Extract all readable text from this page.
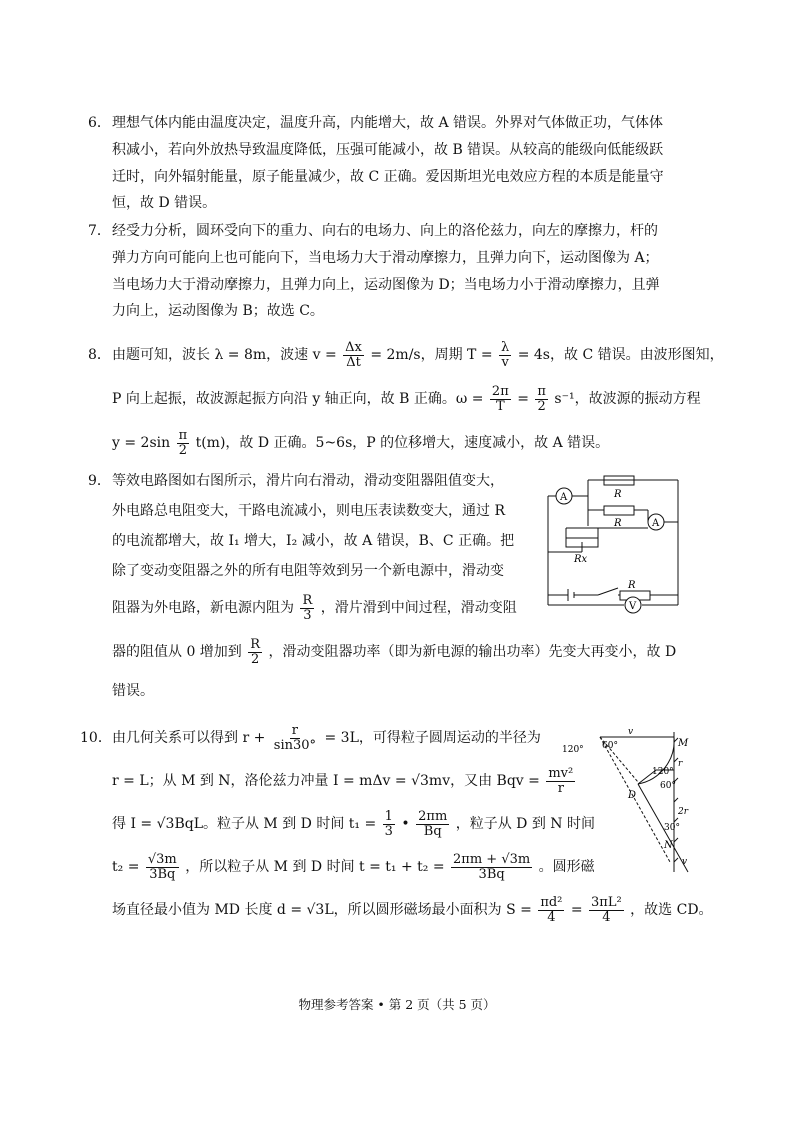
6． 理想气体内能由温度决定，温度升高，内能增大，故 A 错误。外界对气体做正功，气体体
积减小，若向外放热导致温度降低，压强可能减小，故 B 错误。从较高的能级向低能级跃
迁时，向外辐射能量，原子能量减少，故 C 正确。爱因斯坦光电效应方程的本质是能量守
恒，故 D 错误。
7． 经受力分析，圆环受向下的重力、向右的电场力、向上的洛伦兹力，向左的摩擦力，杆的
弹力方向可能向上也可能向下，当电场力大于滑动摩擦力，且弹力向下，运动图像为 A；
当电场力大于滑动摩擦力，且弹力向上，运动图像为 D；当电场力小于滑动摩擦力，且弹
力向上，运动图像为 B；故选 C。
8． 由题可知，波长 λ = 8m，波速 $v = \frac{\Delta x}{\Delta t} = 2m/s$，周期 $T = \frac{\lambda}{v} = 4s$，故 C 错误。由波形图知，
P 向上起振，故波源起振方向沿 y 轴正向，故 B 正确。$\omega = \frac{2\pi}{T} = \frac{\pi}{2} s^{-1}$，故波源的振动方程
$y = 2\sin \frac{\pi}{2} t(m)$，故 D 正确。5~6s，P 的位移增大，速度减小，故 A 错误。
9． 等效电路图如右图所示，滑片向右滑动，滑动变阻器阻值变大，
外电路总电阻变大，干路电流减小，则电压表读数变大，通过 R
的电流都增大，故 I₁ 增大，I₂ 减小，故 A 错误，B、C 正确。把
除了变动变阻器之外的所有电阻等效到另一个新电源中，滑动变
阻器为外电路，新电源内阻为 $\frac{R}{3}$ ，滑片滑到中间过程，滑动变阻
器的阻值从 0 增加到 $\frac{R}{2}$ ，滑动变阻器功率（即为新电源的输出功率）先变大再变小，故 D
错误。
A
A
R
R
Rx
R
V
10． 由几何关系可以得到 $r + \frac{r}{\sin 30^\circ} = 3L$，可得粒子圆周运动的半径为
r = L；从 M 到 N，洛伦兹力冲量 I = mΔv = √3mv，又由 Bqv = $\frac{\text{mv²}}{r}$
得 I = √3BqL。粒子从 M 到 D 时间 $t_1 = \frac{1}{3}$ • $\frac{2\pi m}{Bq}$ ，粒子从 D 到 N 时间
$t_2 = \frac{√3m}{3Bq}$ ，所以粒子从 M 到 D 时间 $t = t_1 + t_2 = \frac{2\pi m + √3m}{3Bq}$ 。圆形磁
场直径最小值为 MD 长度 d = √3L，所以圆形磁场最小面积为 $S = \frac{\text{πd²}}{4} = \frac{\text{3πL²}}{4}$ ，故选 CD。
v
120° 60°	M
r
120°
60°
D
2r
30°
N
v
物理参考答案 • 第 2 页（共 5 页）
